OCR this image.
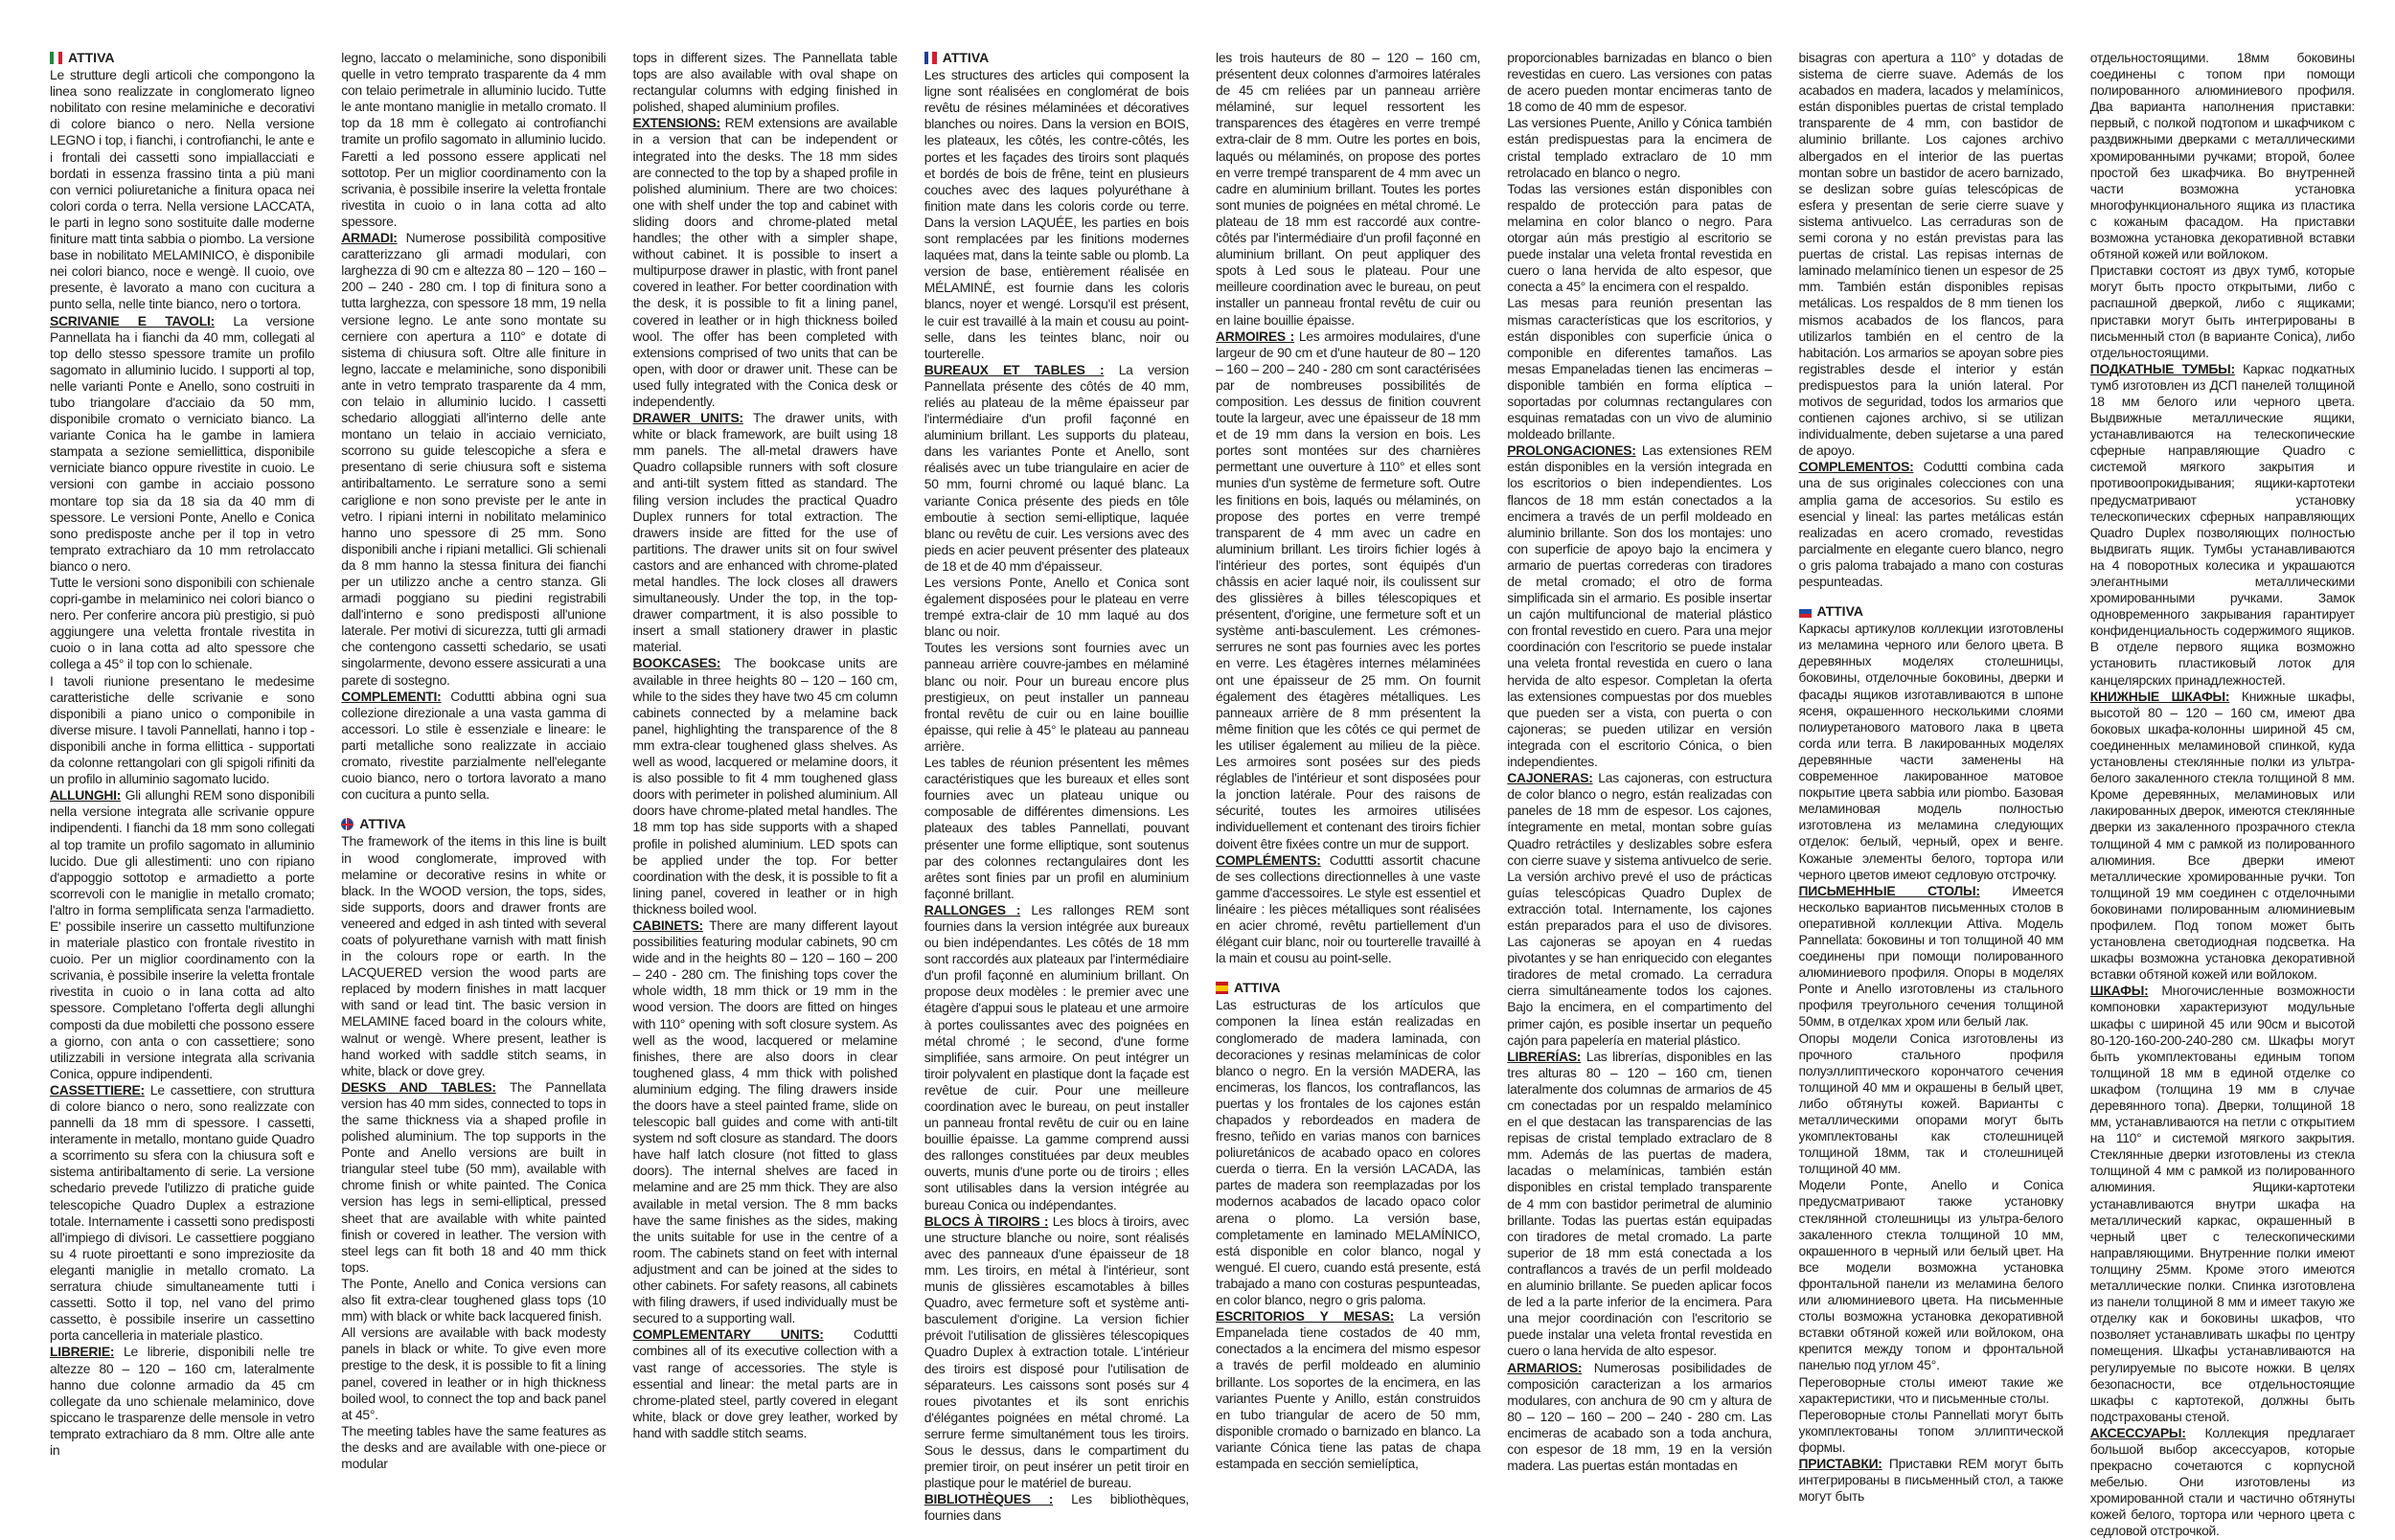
ATTIVA

Le strutture degli articoli che compongono la linea sono realizzate in conglomerato ligneo nobilitato con resine melaminiche e decorativi di colore bianco o nero. Nella versione LEGNO i top, i fianchi, i controfianchi, le ante e i frontali dei cassetti sono impiallacciati e bordati in essenza frassino tinta a più mani con vernici poliuretaniche a finitura opaca nei colori corda o terra. Nella versione LACCATA, le parti in legno sono sostituite dalle moderne finiture matt tinta sabbia o piombo. La versione base in nobilitato MELAMINICO, è disponibile nei colori bianco, noce e wengè. Il cuoio, ove presente, è lavorato a mano con cucitura a punto sella, nelle tinte bianco, nero o tortora.

SCRIVANIE E TAVOLI: La versione Pannellata ha i fianchi da 40 mm, collegati al top dello stesso spessore tramite un profilo sagomato in alluminio lucido. I supporti al top, nelle varianti Ponte e Anello, sono costruiti in tubo triangolare d'acciaio da 50 mm, disponibile cromato o verniciato bianco. La variante Conica ha le gambe in lamiera stampata a sezione semiellittica, disponibile verniciate bianco oppure rivestite in cuoio. Le versioni con gambe in acciaio possono montare top sia da 18 sia da 40 mm di spessore. Le versioni Ponte, Anello e Conica sono predisposte anche per il top in vetro temprato extrachiaro da 10 mm retrolaccato bianco o nero.

Tutte le versioni sono disponibili con schienale copri-gambe in melaminico nei colori bianco o nero. Per conferire ancora più prestigio, si può aggiungere una veletta frontale rivestita in cuoio o in lana cotta ad alto spessore che collega a 45° il top con lo schienale.

I tavoli riunione presentano le medesime caratteristiche delle scrivanie e sono disponibili a piano unico o componibile in diverse misure. I tavoli Pannellati, hanno i top - disponibili anche in forma ellittica - supportati da colonne rettangolari con gli spigoli rifiniti da un profilo in alluminio sagomato lucido.

ALLUNGHI: Gli allunghi REM sono disponibili nella versione integrata alle scrivanie oppure indipendenti. I fianchi da 18 mm sono collegati al top tramite un profilo sagomato in alluminio lucido. Due gli allestimenti: uno con ripiano d'appoggio sottotop e armadietto a porte scorrevoli con le maniglie in metallo cromato; l'altro in forma semplificata senza l'armadietto. E' possibile inserire un cassetto multifunzione in materiale plastico con frontale rivestito in cuoio. Per un miglior coordinamento con la scrivania, è possibile inserire la veletta frontale rivestita in cuoio o in lana cotta ad alto spessore. Completano l'offerta degli allunghi composti da due mobiletti che possono essere a giorno, con anta o con cassettiere; sono utilizzabili in versione integrata alla scrivania Conica, oppure indipendenti.

CASSETTIERE: Le cassettiere, con struttura di colore bianco o nero, sono realizzate con pannelli da 18 mm di spessore. I cassetti, interamente in metallo, montano guide Quadro a scorrimento su sfera con la chiusura soft e sistema antiribaltamento di serie. La versione schedario prevede l'utilizzo di pratiche guide telescopiche Quadro Duplex a estrazione totale. Internamente i cassetti sono predisposti all'impiego di divisori. Le cassettiere poggiano su 4 ruote piroettanti e sono impreziosite da eleganti maniglie in metallo cromato. La serratura chiude simultaneamente tutti i cassetti. Sotto il top, nel vano del primo cassetto, è possibile inserire un cassettino porta cancelleria in materiale plastico.

LIBRERIE: Le librerie, disponibili nelle tre altezze 80 – 120 – 160 cm, lateralmente hanno due colonne armadio da 45 cm collegate da uno schienale melaminico, dove spiccano le trasparenze delle mensole in vetro temprato extrachiaro da 8 mm. Oltre alle ante in

legno, laccato o melaminiche, sono disponibili quelle in vetro temprato trasparente da 4 mm con telaio perimetrale in alluminio lucido. Tutte le ante montano maniglie in metallo cromato. Il top da 18 mm è collegato ai controfianchi tramite un profilo sagomato in alluminio lucido. Faretti a led possono essere applicati nel sottotop. Per un miglior coordinamento con la scrivania, è possibile inserire la veletta frontale rivestita in cuoio o in lana cotta ad alto spessore.

ARMADI: Numerose possibilità compositive caratterizzano gli armadi modulari, con larghezza di 90 cm e altezza 80 – 120 – 160 – 200 – 240 - 280 cm. I top di finitura sono a tutta larghezza, con spessore 18 mm, 19 nella versione legno. Le ante sono montate su cerniere con apertura a 110° e dotate di sistema di chiusura soft. Oltre alle finiture in legno, laccate e melaminiche, sono disponibili ante in vetro temprato trasparente da 4 mm, con telaio in alluminio lucido. I cassetti schedario alloggiati all'interno delle ante montano un telaio in acciaio verniciato, scorrono su guide telescopiche a sfera e presentano di serie chiusura soft e sistema antiribaltamento. Le serrature sono a semi cariglione e non sono previste per le ante in vetro. I ripiani interni in nobilitato melaminico hanno uno spessore di 25 mm. Sono disponibili anche i ripiani metallici. Gli schienali da 8 mm hanno la stessa finitura dei fianchi per un utilizzo anche a centro stanza. Gli armadi poggiano su piedini registrabili dall'interno e sono predisposti all'unione laterale. Per motivi di sicurezza, tutti gli armadi che contengono cassetti schedario, se usati singolarmente, devono essere assicurati a una parete di sostegno.

COMPLEMENTI: Coduttti abbina ogni sua collezione direzionale a una vasta gamma di accessori. Lo stile è essenziale e lineare: le parti metalliche sono realizzate in acciaio cromato, rivestite parzialmente nell'elegante cuoio bianco, nero o tortora lavorato a mano con cucitura a punto sella.

ATTIVA

The framework of the items in this line is built in wood conglomerate, improved with melamine or decorative resins in white or black. In the WOOD version, the tops, sides, side supports, doors and drawer fronts are veneered and edged in ash tinted with several coats of polyurethane varnish with matt finish in the colours rope or earth. In the LACQUERED version the wood parts are replaced by modern finishes in matt lacquer with sand or lead tint. The basic version in MELAMINE faced board in the colours white, walnut or wengè. Where present, leather is hand worked with saddle stitch seams, in white, black or dove grey.

DESKS AND TABLES: The Pannellata version has 40 mm sides, connected to tops in the same thickness via a shaped profile in polished aluminium. The top supports in the Ponte and Anello versions are built in triangular steel tube (50 mm), available with chrome finish or white painted. The Conica version has legs in semi-elliptical, pressed sheet that are available with white painted finish or covered in leather. The version with steel legs can fit both 18 and 40 mm thick tops.

The Ponte, Anello and Conica versions can also fit extra-clear toughened glass tops (10 mm) with black or white back lacquered finish.

All versions are available with back modesty panels in black or white. To give even more prestige to the desk, it is possible to fit a lining panel, covered in leather or in high thickness boiled wool, to connect the top and back panel at 45°.

The meeting tables have the same features as the desks and are available with one-piece or modular

tops in different sizes. The Pannellata table tops are also available with oval shape on rectangular columns with edging finished in polished, shaped aluminium profiles.

EXTENSIONS: REM extensions are available in a version that can be independent or integrated into the desks. The 18 mm sides are connected to the top by a shaped profile in polished aluminium. There are two choices: one with shelf under the top and cabinet with sliding doors and chrome-plated metal handles; the other with a simpler shape, without cabinet. It is possible to insert a multipurpose drawer in plastic, with front panel covered in leather. For better coordination with the desk, it is possible to fit a lining panel, covered in leather or in high thickness boiled wool. The offer has been completed with extensions comprised of two units that can be open, with door or drawer unit. These can be used fully integrated with the Conica desk or independently.

DRAWER UNITS: The drawer units, with white or black framework, are built using 18 mm panels. The all-metal drawers have Quadro collapsible runners with soft closure and anti-tilt system fitted as standard. The filing version includes the practical Quadro Duplex runners for total extraction. The drawers inside are fitted for the use of partitions. The drawer units sit on four swivel castors and are enhanced with chrome-plated metal handles. The lock closes all drawers simultaneously. Under the top, in the top-drawer compartment, it is also possible to insert a small stationery drawer in plastic material.

BOOKCASES: The bookcase units are available in three heights 80 – 120 – 160 cm, while to the sides they have two 45 cm column cabinets connected by a melamine back panel, highlighting the transparence of the 8 mm extra-clear toughened glass shelves. As well as wood, lacquered or melamine doors, it is also possible to fit 4 mm toughened glass doors with perimeter in polished aluminium. All doors have chrome-plated metal handles. The 18 mm top has side supports with a shaped profile in polished aluminium. LED spots can be applied under the top. For better coordination with the desk, it is possible to fit a lining panel, covered in leather or in high thickness boiled wool.

CABINETS: There are many different layout possibilities featuring modular cabinets, 90 cm wide and in the heights 80 – 120 – 160 – 200 – 240 - 280 cm. The finishing tops cover the whole width, 18 mm thick or 19 mm in the wood version. The doors are fitted on hinges with 110° opening with soft closure system. As well as the wood, lacquered or melamine finishes, there are also doors in clear toughened glass, 4 mm thick with polished aluminium edging. The filing drawers inside the doors have a steel painted frame, slide on telescopic ball guides and come with anti-tilt system nd soft closure as standard. The doors have half latch closure (not fitted to glass doors). The internal shelves are faced in melamine and are 25 mm thick. They are also available in metal version. The 8 mm backs have the same finishes as the sides, making the units suitable for use in the centre of a room. The cabinets stand on feet with internal adjustment and can be joined at the sides to other cabinets. For safety reasons, all cabinets with filing drawers, if used individually must be secured to a supporting wall.

COMPLEMENTARY UNITS: Coduttti combines all of its executive collection with a vast range of accessories. The style is essential and linear: the metal parts are in chrome-plated steel, partly covered in elegant white, black or dove grey leather, worked by hand with saddle stitch seams.

ATTIVA

Les structures des articles qui composent la ligne sont réalisées en conglomérat de bois revêtu de résines mélaminées et décoratives blanches ou noires. Dans la version en BOIS, les plateaux, les côtés, les contre-côtés, les portes et les façades des tiroirs sont plaqués et bordés de bois de frêne, teint en plusieurs couches avec des laques polyuréthane à finition mate dans les coloris corde ou terre. Dans la version LAQUÉE, les parties en bois sont remplacées par les finitions modernes laquées mat, dans la teinte sable ou plomb. La version de base, entièrement réalisée en MÉLAMINÉ, est fournie dans les coloris blancs, noyer et wengé. Lorsqu'il est présent, le cuir est travaillé à la main et cousu au point-selle, dans les teintes blanc, noir ou tourterelle.

BUREAUX ET TABLES : La version Pannellata présente des côtés de 40 mm, reliés au plateau de la même épaisseur par l'intermédiaire d'un profil façonné en aluminium brillant. Les supports du plateau, dans les variantes Ponte et Anello, sont réalisés avec un tube triangulaire en acier de 50 mm, fourni chromé ou laqué blanc. La variante Conica présente des pieds en tôle emboutie à section semi-elliptique, laquée blanc ou revêtu de cuir. Les versions avec des pieds en acier peuvent présenter des plateaux de 18 et de 40 mm d'épaisseur.

Les versions Ponte, Anello et Conica sont également disposées pour le plateau en verre trempé extra-clair de 10 mm laqué au dos blanc ou noir.

Toutes les versions sont fournies avec un panneau arrière couvre-jambes en mélaminé blanc ou noir. Pour un bureau encore plus prestigieux, on peut installer un panneau frontal revêtu de cuir ou en laine bouillie épaisse, qui relie à 45° le plateau au panneau arrière.

Les tables de réunion présentent les mêmes caractéristiques que les bureaux et elles sont fournies avec un plateau unique ou composable de différentes dimensions. Les plateaux des tables Pannellati, pouvant présenter une forme elliptique, sont soutenus par des colonnes rectangulaires dont les arêtes sont finies par un profil en aluminium façonné brillant.

RALLONGES : Les rallonges REM sont fournies dans la version intégrée aux bureaux ou bien indépendantes. Les côtés de 18 mm sont raccordés aux plateaux par l'intermédiaire d'un profil façonné en aluminium brillant. On propose deux modèles : le premier avec une étagère d'appui sous le plateau et une armoire à portes coulissantes avec des poignées en métal chromé ; le second, d'une forme simplifiée, sans armoire. On peut intégrer un tiroir polyvalent en plastique dont la façade est revêtue de cuir. Pour une meilleure coordination avec le bureau, on peut installer un panneau frontal revêtu de cuir ou en laine bouillie épaisse. La gamme comprend aussi des rallonges constituées par deux meubles ouverts, munis d'une porte ou de tiroirs ; elles sont utilisables dans la version intégrée au bureau Conica ou indépendantes.

BLOCS À TIROIRS : Les blocs à tiroirs, avec une structure blanche ou noire, sont réalisés avec des panneaux d'une épaisseur de 18 mm. Les tiroirs, en métal à l'intérieur, sont munis de glissières escamotables à billes Quadro, avec fermeture soft et système anti-basculement d'origine. La version fichier prévoit l'utilisation de glissières télescopiques Quadro Duplex à extraction totale. L'intérieur des tiroirs est disposé pour l'utilisation de séparateurs. Les caissons sont posés sur 4 roues pivotantes et ils sont enrichis d'élégantes poignées en métal chromé. La serrure ferme simultanément tous les tiroirs. Sous le dessus, dans le compartiment du premier tiroir, on peut insérer un petit tiroir en plastique pour le matériel de bureau.

BIBLIOTHÈQUES : Les bibliothèques, fournies dans

les trois hauteurs de 80 – 120 – 160 cm, présentent deux colonnes d'armoires latérales de 45 cm reliées par un panneau arrière mélaminé, sur lequel ressortent les transparences des étagères en verre trempé extra-clair de 8 mm. Outre les portes en bois, laqués ou mélaminés, on propose des portes en verre trempé transparent de 4 mm avec un cadre en aluminium brillant. Toutes les portes sont munies de poignées en métal chromé. Le plateau de 18 mm est raccordé aux contre-côtés par l'intermédiaire d'un profil façonné en aluminium brillant. On peut appliquer des spots à Led sous le plateau. Pour une meilleure coordination avec le bureau, on peut installer un panneau frontal revêtu de cuir ou en laine bouillie épaisse.

ARMOIRES : Les armoires modulaires, d'une largeur de 90 cm et d'une hauteur de 80 – 120 – 160 – 200 – 240 - 280 cm sont caractérisées par de nombreuses possibilités de composition. Les dessus de finition couvrent toute la largeur, avec une épaisseur de 18 mm et de 19 mm dans la version en bois. Les portes sont montées sur des charnières permettant une ouverture à 110° et elles sont munies d'un système de fermeture soft. Outre les finitions en bois, laqués ou mélaminés, on propose des portes en verre trempé transparent de 4 mm avec un cadre en aluminium brillant. Les tiroirs fichier logés à l'intérieur des portes, sont équipés d'un châssis en acier laqué noir, ils coulissent sur des glissières à billes télescopiques et présentent, d'origine, une fermeture soft et un système anti-basculement. Les crémones-serrures ne sont pas fournies avec les portes en verre. Les étagères internes mélaminées ont une épaisseur de 25 mm. On fournit également des étagères métalliques. Les panneaux arrière de 8 mm présentent la même finition que les côtés ce qui permet de les utiliser également au milieu de la pièce. Les armoires sont posées sur des pieds réglables de l'intérieur et sont disposées pour la jonction latérale. Pour des raisons de sécurité, toutes les armoires utilisées individuellement et contenant des tiroirs fichier doivent être fixées contre un mur de support.

COMPLÉMENTS: Coduttti assortit chacune de ses collections directionnelles à une vaste gamme d'accessoires. Le style est essentiel et linéaire : les pièces métalliques sont réalisées en acier chromé, revêtu partiellement d'un élégant cuir blanc, noir ou tourterelle travaillé à la main et cousu au point-selle.

ATTIVA

Las estructuras de los artículos que componen la línea están realizadas en conglomerado de madera laminada, con decoraciones y resinas melamínicas de color blanco o negro. En la versión MADERA, las encimeras, los flancos, los contraflancos, las puertas y los frontales de los cajones están chapados y rebordeados en madera de fresno, teñido en varias manos con barnices poliuretánicos de acabado opaco en colores cuerda o tierra. En la versión LACADA, las partes de madera son reemplazadas por los modernos acabados de lacado opaco color arena o plomo. La versión base, completamente en laminado MELAMÍNICO, está disponible en color blanco, nogal y wengué. El cuero, cuando está presente, está trabajado a mano con costuras pespunteadas, en color blanco, negro o gris paloma.

ESCRITORIOS Y MESAS: La versión Empanelada tiene costados de 40 mm, conectados a la encimera del mismo espesor a través de perfil moldeado en aluminio brillante. Los soportes de la encimera, en las variantes Puente y Anillo, están construidos en tubo triangular de acero de 50 mm, disponible cromado o barnizado en blanco. La variante Cónica tiene las patas de chapa estampada en sección semielíptica,

proporcionables barnizadas en blanco o bien revestidas en cuero. Las versiones con patas de acero pueden montar encimeras tanto de 18 como de 40 mm de espesor.

Las versiones Puente, Anillo y Cónica también están predispuestas para la encimera de cristal templado extraclaro de 10 mm retrolacado en blanco o negro.

Todas las versiones están disponibles con respaldo de protección para patas de melamina en color blanco o negro. Para otorgar aún más prestigio al escritorio se puede instalar una veleta frontal revestida en cuero o lana hervida de alto espesor, que conecta a 45° la encimera con el respaldo.

Las mesas para reunión presentan las mismas características que los escritorios, y están disponibles con superficie única o componible en diferentes tamaños. Las mesas Empaneladas tienen las encimeras – disponible también en forma elíptica – soportadas por columnas rectangulares con esquinas rematadas con un vivo de aluminio moldeado brillante.

PROLONGACIONES: Las extensiones REM están disponibles en la versión integrada en los escritorios o bien independientes. Los flancos de 18 mm están conectados a la encimera a través de un perfil moldeado en aluminio brillante. Son dos los montajes: uno con superficie de apoyo bajo la encimera y armario de puertas correderas con tiradores de metal cromado; el otro de forma simplificada sin el armario. Es posible insertar un cajón multifuncional de material plástico con frontal revestido en cuero. Para una mejor coordinación con l'escritorio se puede instalar una veleta frontal revestida en cuero o lana hervida de alto espesor. Completan la oferta las extensiones compuestas por dos muebles que pueden ser a vista, con puerta o con cajoneras; se pueden utilizar en versión integrada con el escritorio Cónica, o bien independientes.

CAJONERAS: Las cajoneras, con estructura de color blanco o negro, están realizadas con paneles de 18 mm de espesor. Los cajones, íntegramente en metal, montan sobre guías Quadro retráctiles y deslizables sobre esfera con cierre suave y sistema antivuelco de serie. La versión archivo prevé el uso de prácticas guías telescópicas Quadro Duplex de extracción total. Internamente, los cajones están preparados para el uso de divisores. Las cajoneras se apoyan en 4 ruedas pivotantes y se han enriquecido con elegantes tiradores de metal cromado. La cerradura cierra simultáneamente todos los cajones. Bajo la encimera, en el compartimento del primer cajón, es posible insertar un pequeño cajón para papelería en material plástico.

LIBRERÍAS: Las librerías, disponibles en las tres alturas 80 – 120 – 160 cm, tienen lateralmente dos columnas de armarios de 45 cm conectadas por un respaldo melamínico en el que destacan las transparencias de las repisas de cristal templado extraclaro de 8 mm. Además de las puertas de madera, lacadas o melamínicas, también están disponibles en cristal templado transparente de 4 mm con bastidor perimetral de aluminio brillante. Todas las puertas están equipadas con tiradores de metal cromado. La parte superior de 18 mm está conectada a los contraflancos a través de un perfil moldeado en aluminio brillante. Se pueden aplicar focos de led a la parte inferior de la encimera. Para una mejor coordinación con l'escritorio se puede instalar una veleta frontal revestida en cuero o lana hervida de alto espesor.

ARMARIOS: Numerosas posibilidades de composición caracterizan a los armarios modulares, con anchura de 90 cm y altura de 80 – 120 – 160 – 200 – 240 - 280 cm. Las encimeras de acabado son a toda anchura, con espesor de 18 mm, 19 en la versión madera. Las puertas están montadas en

bisagras con apertura a 110° y dotadas de sistema de cierre suave. Además de los acabados en madera, lacados y melamínicos, están disponibles puertas de cristal templado transparente de 4 mm, con bastidor de aluminio brillante. Los cajones archivo albergados en el interior de las puertas montan sobre un bastidor de acero barnizado, se deslizan sobre guías telescópicas de esfera y presentan de serie cierre suave y sistema antivuelco. Las cerraduras son de semi corona y no están previstas para las puertas de cristal. Las repisas internas de laminado melamínico tienen un espesor de 25 mm. También están disponibles repisas metálicas. Los respaldos de 8 mm tienen los mismos acabados de los flancos, para utilizarlos también en el centro de la habitación. Los armarios se apoyan sobre pies registrables desde el interior y están predispuestos para la unión lateral. Por motivos de seguridad, todos los armarios que contienen cajones archivo, si se utilizan individualmente, deben sujetarse a una pared de apoyo.

COMPLEMENTOS: Coduttti combina cada una de sus originales colecciones con una amplia gama de accesorios. Su estilo es esencial y lineal: las partes metálicas están realizadas en acero cromado, revestidas parcialmente en elegante cuero blanco, negro o gris paloma trabajado a mano con costuras pespunteadas.

ATTIVA

Каркасы артикулов коллекции изготовлены из меламина черного или белого цвета. В деревянных моделях столешницы, боковины, отделочные боковины, дверки и фасады ящиков изготавливаются в шпоне ясеня, окрашенного несколькими слоями полиуретанового матового лака в цвета corda или terra. В лакированных моделях деревянные части заменены на современное лакированное матовое покрытие цвета sabbia или piombo. Базовая меламиновая модель полностью изготовлена из меламина следующих отделок: белый, черный, орех и венге. Кожаные элементы белого, тортора или черного цветов имеют седловую отстрочку.

ПИСЬМЕННЫЕ СТОЛЫ: Имеется несколько вариантов письменных столов в оперативной коллекции Attiva. Модель Pannellata: боковины и топ толщиной 40 мм соединены при помощи полированного алюминиевого профиля. Опоры в моделях Ponte и Anello изготовлены из стального профиля треугольного сечения толщиной 50мм, в отделках хром или белый лак.

Опоры модели Conica изготовлены из прочного стального профиля полуэллиптического корончатого сечения толщиной 40 мм и окрашены в белый цвет, либо обтянуты кожей. Варианты с металлическими опорами могут быть укомплектованы как столешницей толщиной 18мм, так и столешницей толщиной 40 мм.

Модели Ponte, Anello и Conica предусматривают также установку стеклянной столешницы из ультра-белого закаленного стекла толщиной 10 мм, окрашенного в черный или белый цвет. На все модели возможна установка фронтальной панели из меламина белого или алюминиевого цвета. На письменные столы возможна установка декоративной вставки обтяной кожей или войлоком, она крепится между топом и фронтальной панелью под углом 45°.

Переговорные столы имеют такие же характеристики, что и письменные столы.

Переговорные столы Pannellati могут быть укомплектованы топом эллиптической формы.

ПРИСТАВКИ: Приставки REM могут быть интегрированы в письменный стол, а также могут быть

отдельностоящими. 18мм боковины соединены с топом при помощи полированного алюминиевого профиля. Два варианта наполнения приставки: первый, с полкой подтопом и шкафчиком с раздвижными дверками с металлическими хромированными ручками; второй, более простой без шкафчика. Во внутренней части возможна установка многофункционального ящика из пластика с кожаным фасадом. На приставки возможна установка декоративной вставки обтяной кожей или войлоком.

Приставки состоят из двух тумб, которые могут быть просто открытыми, либо с распашной дверкой, либо с ящиками; приставки могут быть интегрированы в письменный стол (в варианте Conica), либо отдельностоящими.

ПОДКАТНЫЕ ТУМБЫ: Каркас подкатных тумб изготовлен из ДСП панелей толщиной 18 мм белого или черного цвета. Выдвижные металлические ящики, устанавливаются на телескопические сферные направляющие Quadro с системой мягкого закрытия и противоопрокидывания; ящики-картотеки предусматривают установку телескопических сферных направляющих Quadro Duplex позволяющих полностью выдвигать ящик. Тумбы устанавливаются на 4 поворотных колесика и украшаются элегантными металлическими хромированными ручками. Замок одновременного закрывания гарантирует конфиденциальность содержимого ящиков. В отделе первого ящика возможно установить пластиковый лоток для канцелярских принадлежностей.

КНИЖНЫЕ ШКАФЫ: Книжные шкафы, высотой 80 – 120 – 160 см, имеют два боковых шкафа-колонны шириной 45 см, соединенных меламиновой спинкой, куда установлены стеклянные полки из ультра-белого закаленного стекла толщиной 8 мм. Кроме деревянных, меламиновых или лакированных дверок, имеются стеклянные дверки из закаленного прозрачного стекла толщиной 4 мм с рамкой из полированного алюминия. Все дверки имеют металлические хромированные ручки. Топ толщиной 19 мм соединен с отделочными боковинами полированным алюминиевым профилем. Под топом может быть установлена светодиодная подсветка. На шкафы возможна установка декоративной вставки обтяной кожей или войлоком.

ШКАФЫ: Многочисленные возможности компоновки характеризуют модульные шкафы с шириной 45 или 90см и высотой 80-120-160-200-240-280 см. Шкафы могут быть укомплектованы единым топом толщиной 18 мм в единой отделке со шкафом (толщина 19 мм в случае деревянного топа). Дверки, толщиной 18 мм, устанавливаются на петли с открытием на 110° и системой мягкого закрытия. Стеклянные дверки изготовлены из стекла толщиной 4 мм с рамкой из полированного алюминия. Ящики-картотеки устанавливаются внутри шкафа на металлический каркас, окрашенный в черный цвет с телескопическими направляющими. Внутренние полки имеют толщину 25мм. Кроме этого имеются металлические полки. Спинка изготовлена из панели толщиной 8 мм и имеет такую же отделку как и боковины шкафов, что позволяет устанавливать шкафы по центру помещения. Шкафы устанавливаются на регулируемые по высоте ножки. В целях безопасности, все отдельностоящие шкафы с картотекой, должны быть подстрахованы стеной.

АКСЕССУАРЫ: Коллекция предлагает большой выбор аксессуаров, которые прекрасно сочетаются с корпусной мебелью. Они изготовлены из хромированной стали и частично обтянуты кожей белого, тортора или черного цвета с седловой отстрочкой.
